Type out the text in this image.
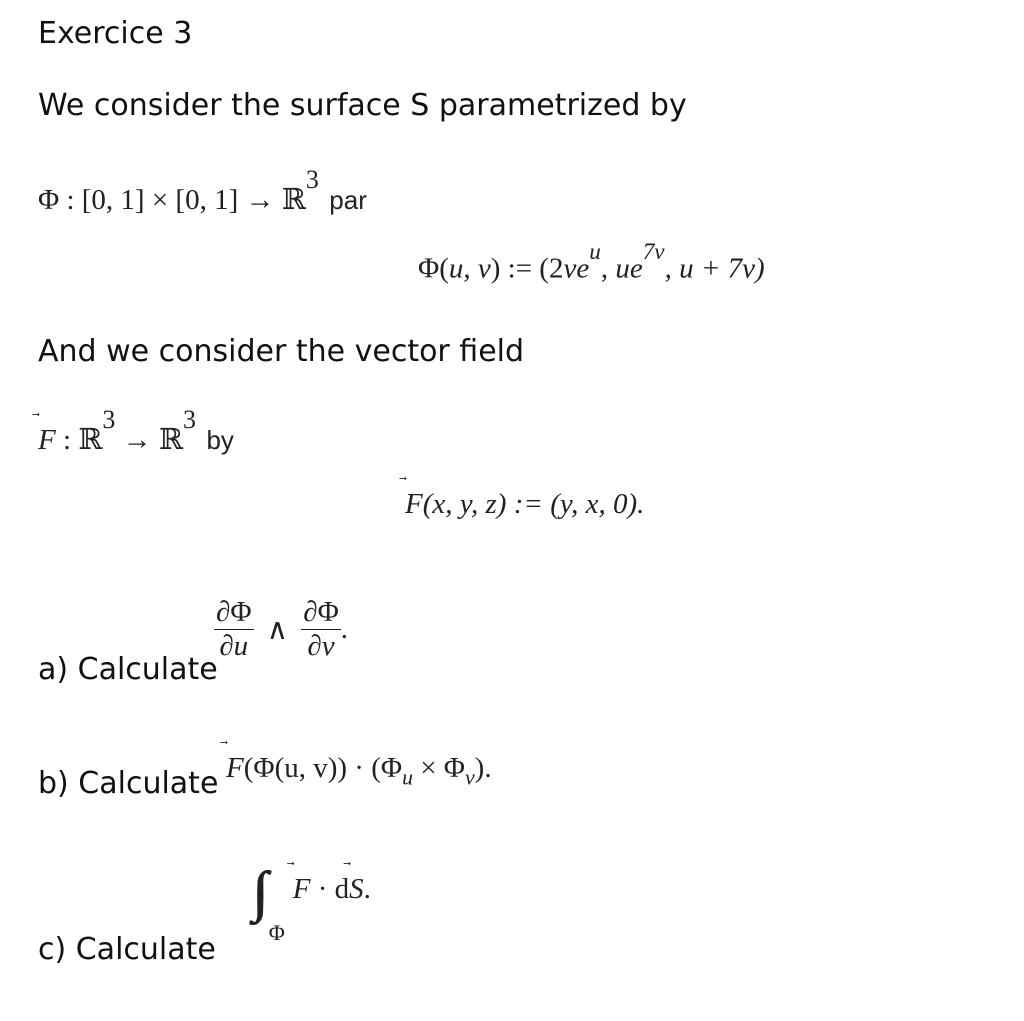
Exercice 3
We consider the surface S parametrized by
Φ : [0, 1] × [0, 1] → ℝ$^3$ par
Φ(u, v) := ($2ve^u$, $ue^{7v}$, u + 7v)
And we consider the vector field
F : ℝ$^3$ → ℝ$^3$ by
F(x, y, z) := (y, x, 0).
a) Calculate
$\frac{\partial\Phi}{\partial u}$ ∧ $\frac{\partial\Phi}{\partial v}$ .
b) Calculate F(Φ(u, $v)) \cdot (\Phi_u \times \Phi_v)$.
c) Calculate
∫∫ Φ
F · d
S.
